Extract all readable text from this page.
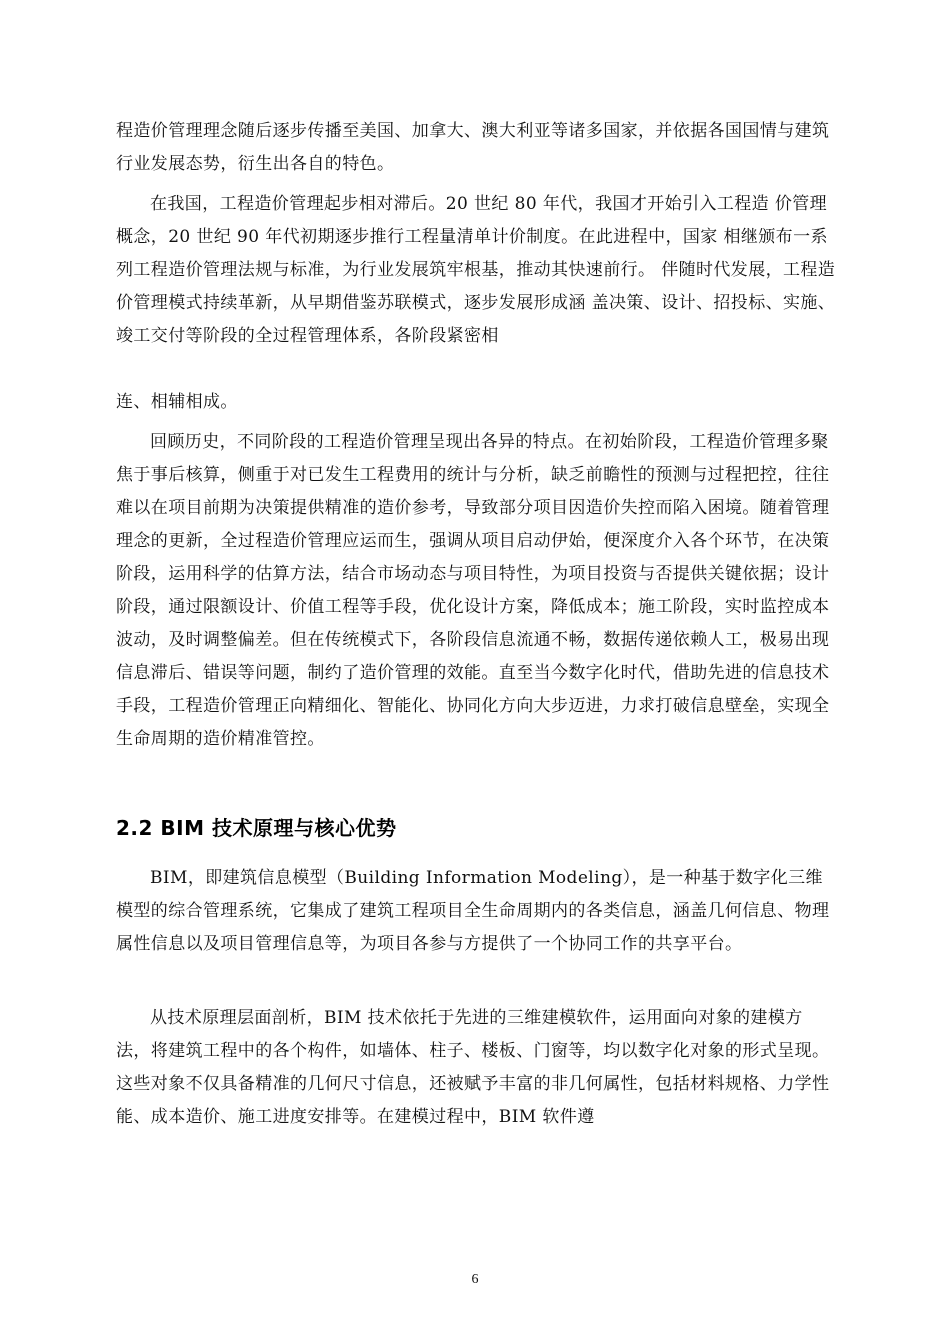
程造价管理理念随后逐步传播至美国、加拿大、澳大利亚等诸多国家，并依据各国国情与建筑行业发展态势，衍生出各自的特色。

在我国，工程造价管理起步相对滞后。20 世纪 80 年代，我国才开始引入工程造 价管理概念，20 世纪 90 年代初期逐步推行工程量清单计价制度。在此进程中，国家 相继颁布一系列工程造价管理法规与标准，为行业发展筑牢根基，推动其快速前行。 伴随时代发展，工程造价管理模式持续革新，从早期借鉴苏联模式，逐步发展形成涵 盖决策、设计、招投标、实施、竣工交付等阶段的全过程管理体系，各阶段紧密相

连、相辅相成。

回顾历史，不同阶段的工程造价管理呈现出各异的特点。在初始阶段，工程造价管理多聚焦于事后核算，侧重于对已发生工程费用的统计与分析，缺乏前瞻性的预测与过程把控，往往难以在项目前期为决策提供精准的造价参考，导致部分项目因造价失控而陷入困境。随着管理理念的更新，全过程造价管理应运而生，强调从项目启动伊始，便深度介入各个环节，在决策阶段，运用科学的估算方法，结合市场动态与项目特性，为项目投资与否提供关键依据；设计阶段，通过限额设计、价值工程等手段，优化设计方案，降低成本；施工阶段，实时监控成本波动，及时调整偏差。但在传统模式下，各阶段信息流通不畅，数据传递依赖人工，极易出现信息滞后、错误等问题，制约了造价管理的效能。直至当今数字化时代，借助先进的信息技术手段，工程造价管理正向精细化、智能化、协同化方向大步迈进，力求打破信息壁垒，实现全生命周期的造价精准管控。

2.2 BIM 技术原理与核心优势

BIM，即建筑信息模型（Building Information Modeling），是一种基于数字化三维模型的综合管理系统，它集成了建筑工程项目全生命周期内的各类信息，涵盖几何信息、物理属性信息以及项目管理信息等，为项目各参与方提供了一个协同工作的共享平台。

从技术原理层面剖析，BIM 技术依托于先进的三维建模软件，运用面向对象的建模方法，将建筑工程中的各个构件，如墙体、柱子、楼板、门窗等，均以数字化对象的形式呈现。这些对象不仅具备精准的几何尺寸信息，还被赋予丰富的非几何属性，包括材料规格、力学性能、成本造价、施工进度安排等。在建模过程中，BIM 软件遵

6
